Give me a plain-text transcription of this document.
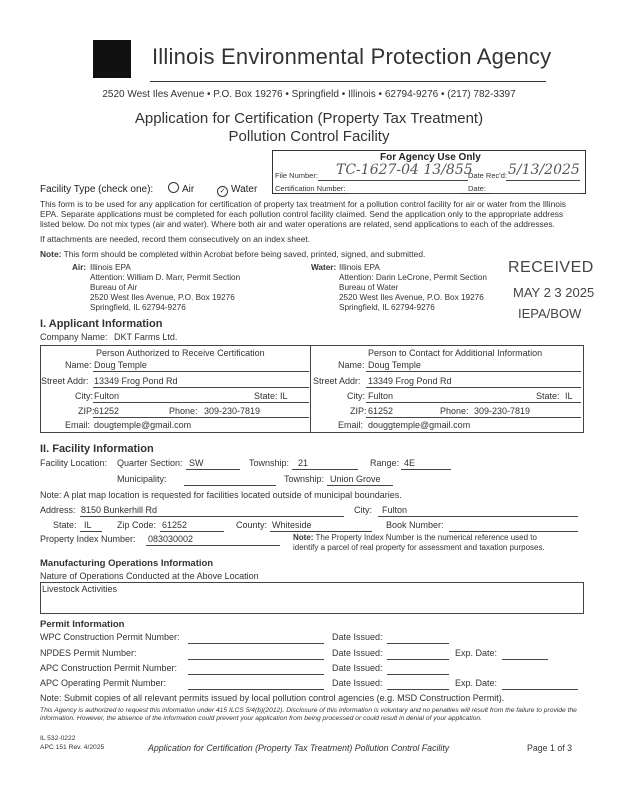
Illinois Environmental Protection Agency
2520 West Iles Avenue • P.O. Box 19276 • Springfield • Illinois • 62794-9276 • (217) 782-3397
Application for Certification (Property Tax Treatment)
Pollution Control Facility
For Agency Use Only
File Number: TC-1627-04 13/855
Date Rec'd: 5/13/2025
Certification Number:	Date:
Facility Type (check one):	Air	✓ Water
This form is to be used for any application for certification of property tax treatment for a pollution control facility for air or water from the Illinois EPA. Separate applications must be completed for each pollution control facility claimed. Send the application only to the appropriate address listed below. Do not mix types (air and water). Where both air and water operations are related, send applications to each of the addresses.
If attachments are needed, record them consecutively on an index sheet.
Note: This form should be completed within Acrobat before being saved, printed, signed, and submitted.
Air: Illinois EPA
Attention: William D. Marr, Permit Section
Bureau of Air
2520 West Iles Avenue, P.O. Box 19276
Springfield, IL 62794-9276
Water: Illinois EPA
Attention: Darin LeCrone, Permit Section
Bureau of Water
2520 West Iles Avenue, P.O. Box 19276
Springfield, IL 62794-9276
RECEIVED
MAY 2 3 2025
IEPA/BOW
I. Applicant Information
Company Name: DKT Farms Ltd.
Person Authorized to Receive Certification	Person to Contact for Additional Information
Name: Doug Temple
Street Addr: 13349 Frog Pond Rd
City: Fulton	State: IL
ZIP: 61252	Phone: 309-230-7819
Email: dougtemple@gmail.com
Name: Doug Temple
Street Addr: 13349 Frog Pond Rd
City: Fulton	State: IL
ZIP: 61252	Phone: 309-230-7819
Email: douggtemple@gmail.com
II. Facility Information
Facility Location: Quarter Section: SW	Township: 21	Range: 4E
Municipality:	Township: Union Grove
Note: A plat map location is requested for facilities located outside of municipal boundaries.
Address: 8150 Bunkerhill Rd	City: Fulton
State: IL	Zip Code: 61252	County: Whiteside	Book Number:
Property Index Number: 083030002	Note: The Property Index Number is the numerical reference used to
identify a parcel of real property for assessment and taxation purposes.
Manufacturing Operations Information
Nature of Operations Conducted at the Above Location
Livestock Activities
Permit Information
WPC Construction Permit Number:	Date Issued:
NPDES Permit Number:	Date Issued:	Exp. Date:
APC Construction Permit Number:	Date Issued:
APC Operating Permit Number:	Date Issued:	Exp. Date:
Note: Submit copies of all relevant permits issued by local pollution control agencies (e.g. MSD Construction Permit).
This Agency is authorized to request this information under 415 ILCS 5/4(b)(2012). Disclosure of this information is voluntary and no penalties will result from the failure to provide the information. However, the absence of the information could prevent your application from being processed or could result in denial of your application.
IL 532-0222
APC 151 Rev. 4/2025	Application for Certification (Property Tax Treatment) Pollution Control Facility	Page 1 of 3
